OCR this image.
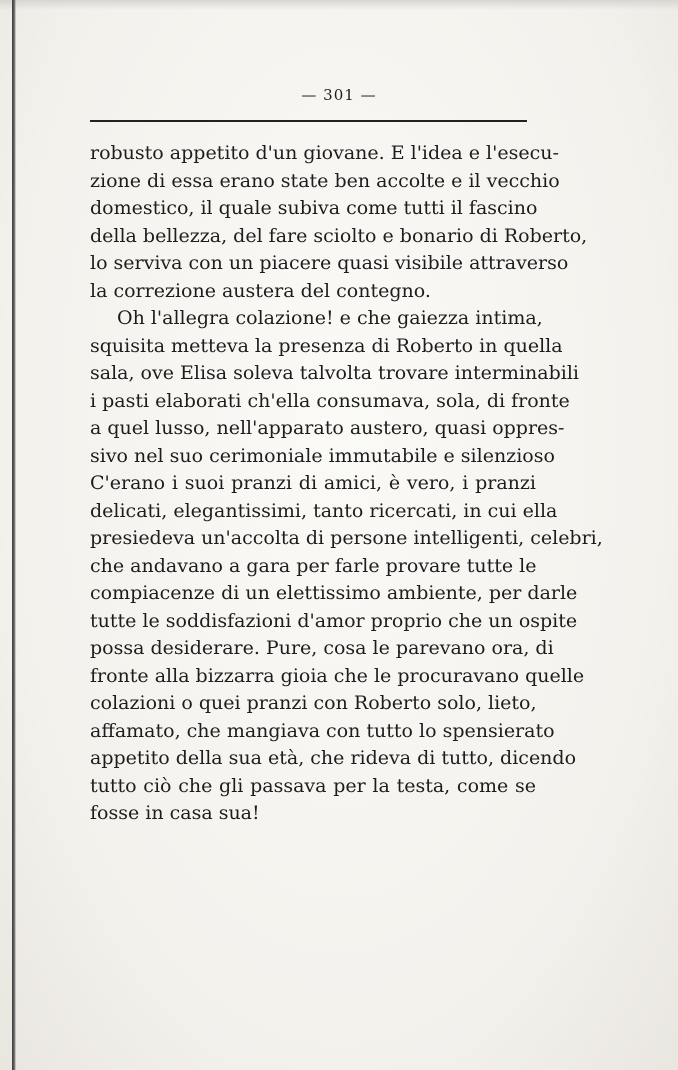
— 301 —
robusto appetito d'un giovane. E l'idea e l'esecu-
zione di essa erano state ben accolte e il vecchio
domestico, il quale subiva come tutti il fascino
della bellezza, del fare sciolto e bonario di Roberto,
lo serviva con un piacere quasi visibile attraverso
la correzione austera del contegno.
Oh l'allegra colazione! e che gaiezza intima,
squisita metteva la presenza di Roberto in quella
sala, ove Elisa soleva talvolta trovare interminabili
i pasti elaborati ch'ella consumava, sola, di fronte
a quel lusso, nell'apparato austero, quasi oppres-
sivo nel suo cerimoniale immutabile e silenzioso
C'erano i suoi pranzi di amici, è vero, i pranzi
delicati, elegantissimi, tanto ricercati, in cui ella
presiedeva un'accolta di persone intelligenti, celebri,
che andavano a gara per farle provare tutte le
compiacenze di un elettissimo ambiente, per darle
tutte le soddisfazioni d'amor proprio che un ospite
possa desiderare. Pure, cosa le parevano ora, di
fronte alla bizzarra gioia che le procuravano quelle
colazioni o quei pranzi con Roberto solo, lieto,
affamato, che mangiava con tutto lo spensierato
appetito della sua età, che rideva di tutto, dicendo
tutto ciò che gli passava per la testa, come se
fosse in casa sua!
